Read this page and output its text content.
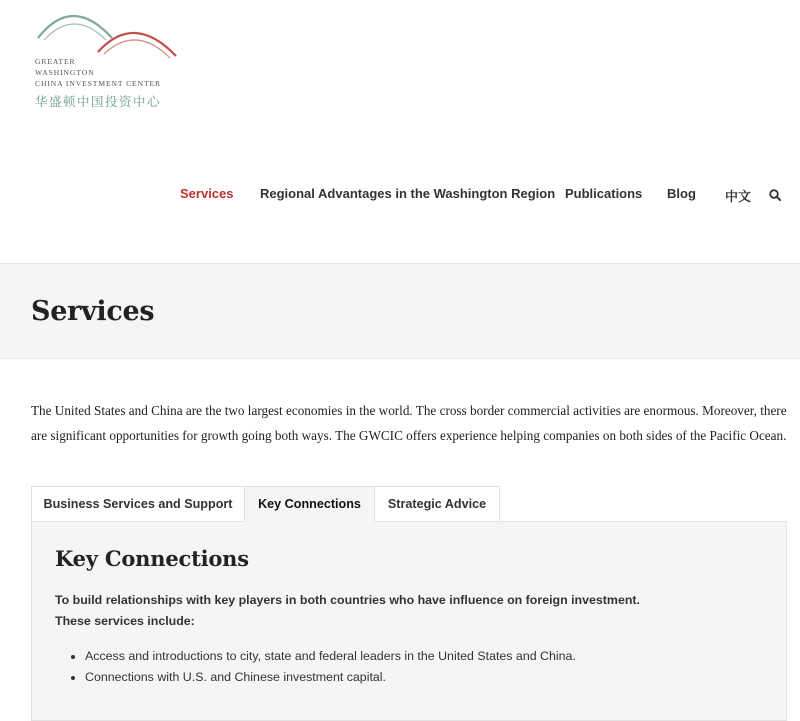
GREATER
WASHINGTON
CHINA INVESTMENT CENTER
华盛顿中国投资中心
Services Regional Advantages in the Washington Region Publications Blog 中文
Services

The United States and China are the two largest economies in the world. The cross border commercial activities are enormous. Moreover, there are significant opportunities for growth going both ways. The GWCIC offers experience helping companies on both sides of the Pacific Ocean.

Business Services and Support	Key Connections	Strategic Advice
Key Connections

To build relationships with key players in both countries who have influence on foreign investment.
These services include:

• Access and introductions to city, state and federal leaders in the United States and China.
• Connections with U.S. and Chinese investment capital.
